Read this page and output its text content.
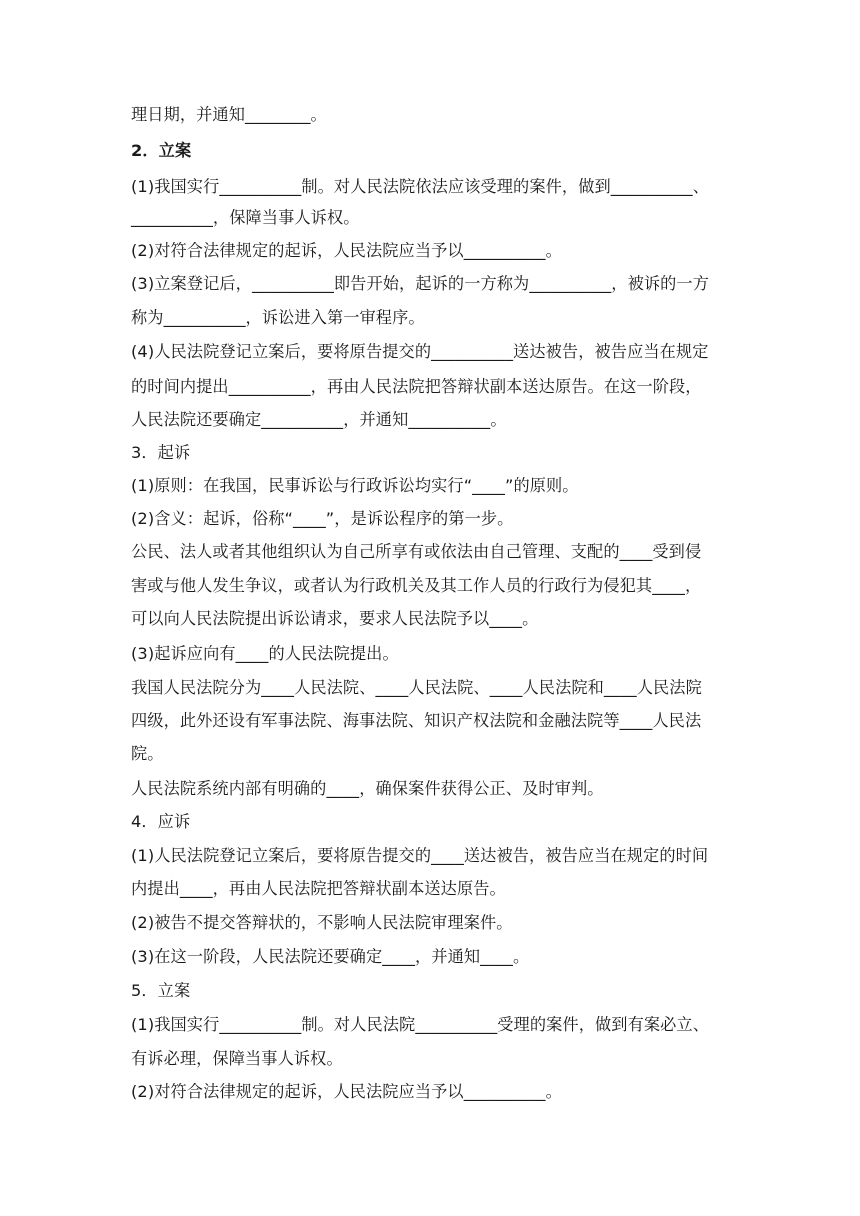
理日期，并通知________。
2．立案
(1)我国实行__________制。对人民法院依法应该受理的案件，做到__________、
__________，保障当事人诉权。
(2)对符合法律规定的起诉，人民法院应当予以__________。
(3)立案登记后，__________即告开始，起诉的一方称为__________，被诉的一方
称为__________，诉讼进入第一审程序。
(4)人民法院登记立案后，要将原告提交的__________送达被告，被告应当在规定
的时间内提出__________，再由人民法院把答辩状副本送达原告。在这一阶段，
人民法院还要确定__________，并通知__________。
3．起诉
(1)原则：在我国，民事诉讼与行政诉讼均实行“____”的原则。
(2)含义：起诉，俗称“____”，是诉讼程序的第一步。
公民、法人或者其他组织认为自己所享有或依法由自己管理、支配的____受到侵
害或与他人发生争议，或者认为行政机关及其工作人员的行政行为侵犯其____，
可以向人民法院提出诉讼请求，要求人民法院予以____。
(3)起诉应向有____的人民法院提出。
我国人民法院分为____人民法院、____人民法院、____人民法院和____人民法院
四级，此外还设有军事法院、海事法院、知识产权法院和金融法院等____人民法
院。
人民法院系统内部有明确的____，确保案件获得公正、及时审判。
4．应诉
(1)人民法院登记立案后，要将原告提交的____送达被告，被告应当在规定的时间
内提出____，再由人民法院把答辩状副本送达原告。
(2)被告不提交答辩状的，不影响人民法院审理案件。
(3)在这一阶段，人民法院还要确定____，并通知____。
5．立案
(1)我国实行__________制。对人民法院__________受理的案件，做到有案必立、
有诉必理，保障当事人诉权。
(2)对符合法律规定的起诉，人民法院应当予以__________。
